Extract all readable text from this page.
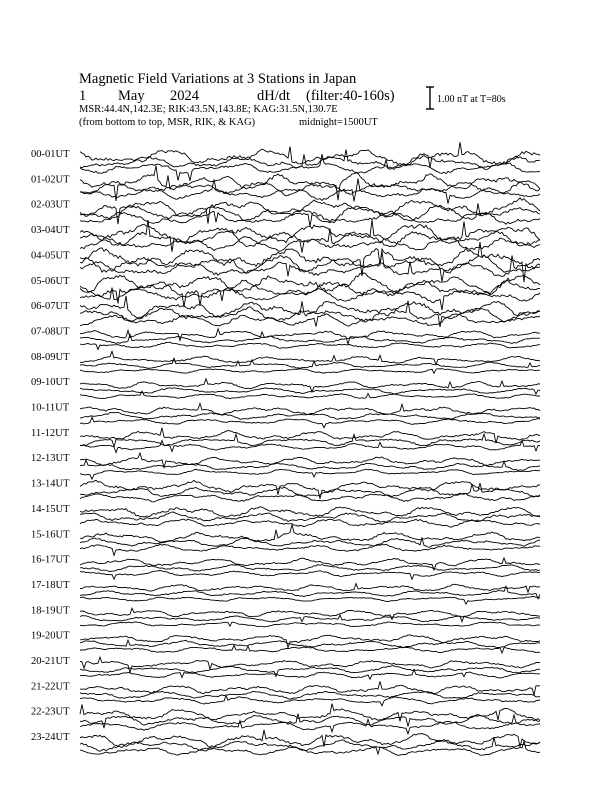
Magnetic Field Variations at 3 Stations in Japan
1 May 2024	dH/dt (filter:40-160s)
MSR:44.4N,142.3E; RIK:43.5N,143.8E; KAG:31.5N,130.7E
(from bottom to top, MSR, RIK, & KAG)	midnight=1500UT
1.00 nT at T=80s
00-01UT
01-02UT
02-03UT
03-04UT
04-05UT
05-06UT
06-07UT
07-08UT
08-09UT
09-10UT
10-11UT
11-12UT
12-13UT
13-14UT
14-15UT
15-16UT
16-17UT
17-18UT
18-19UT
19-20UT
20-21UT
21-22UT
22-23UT
23-24UT
